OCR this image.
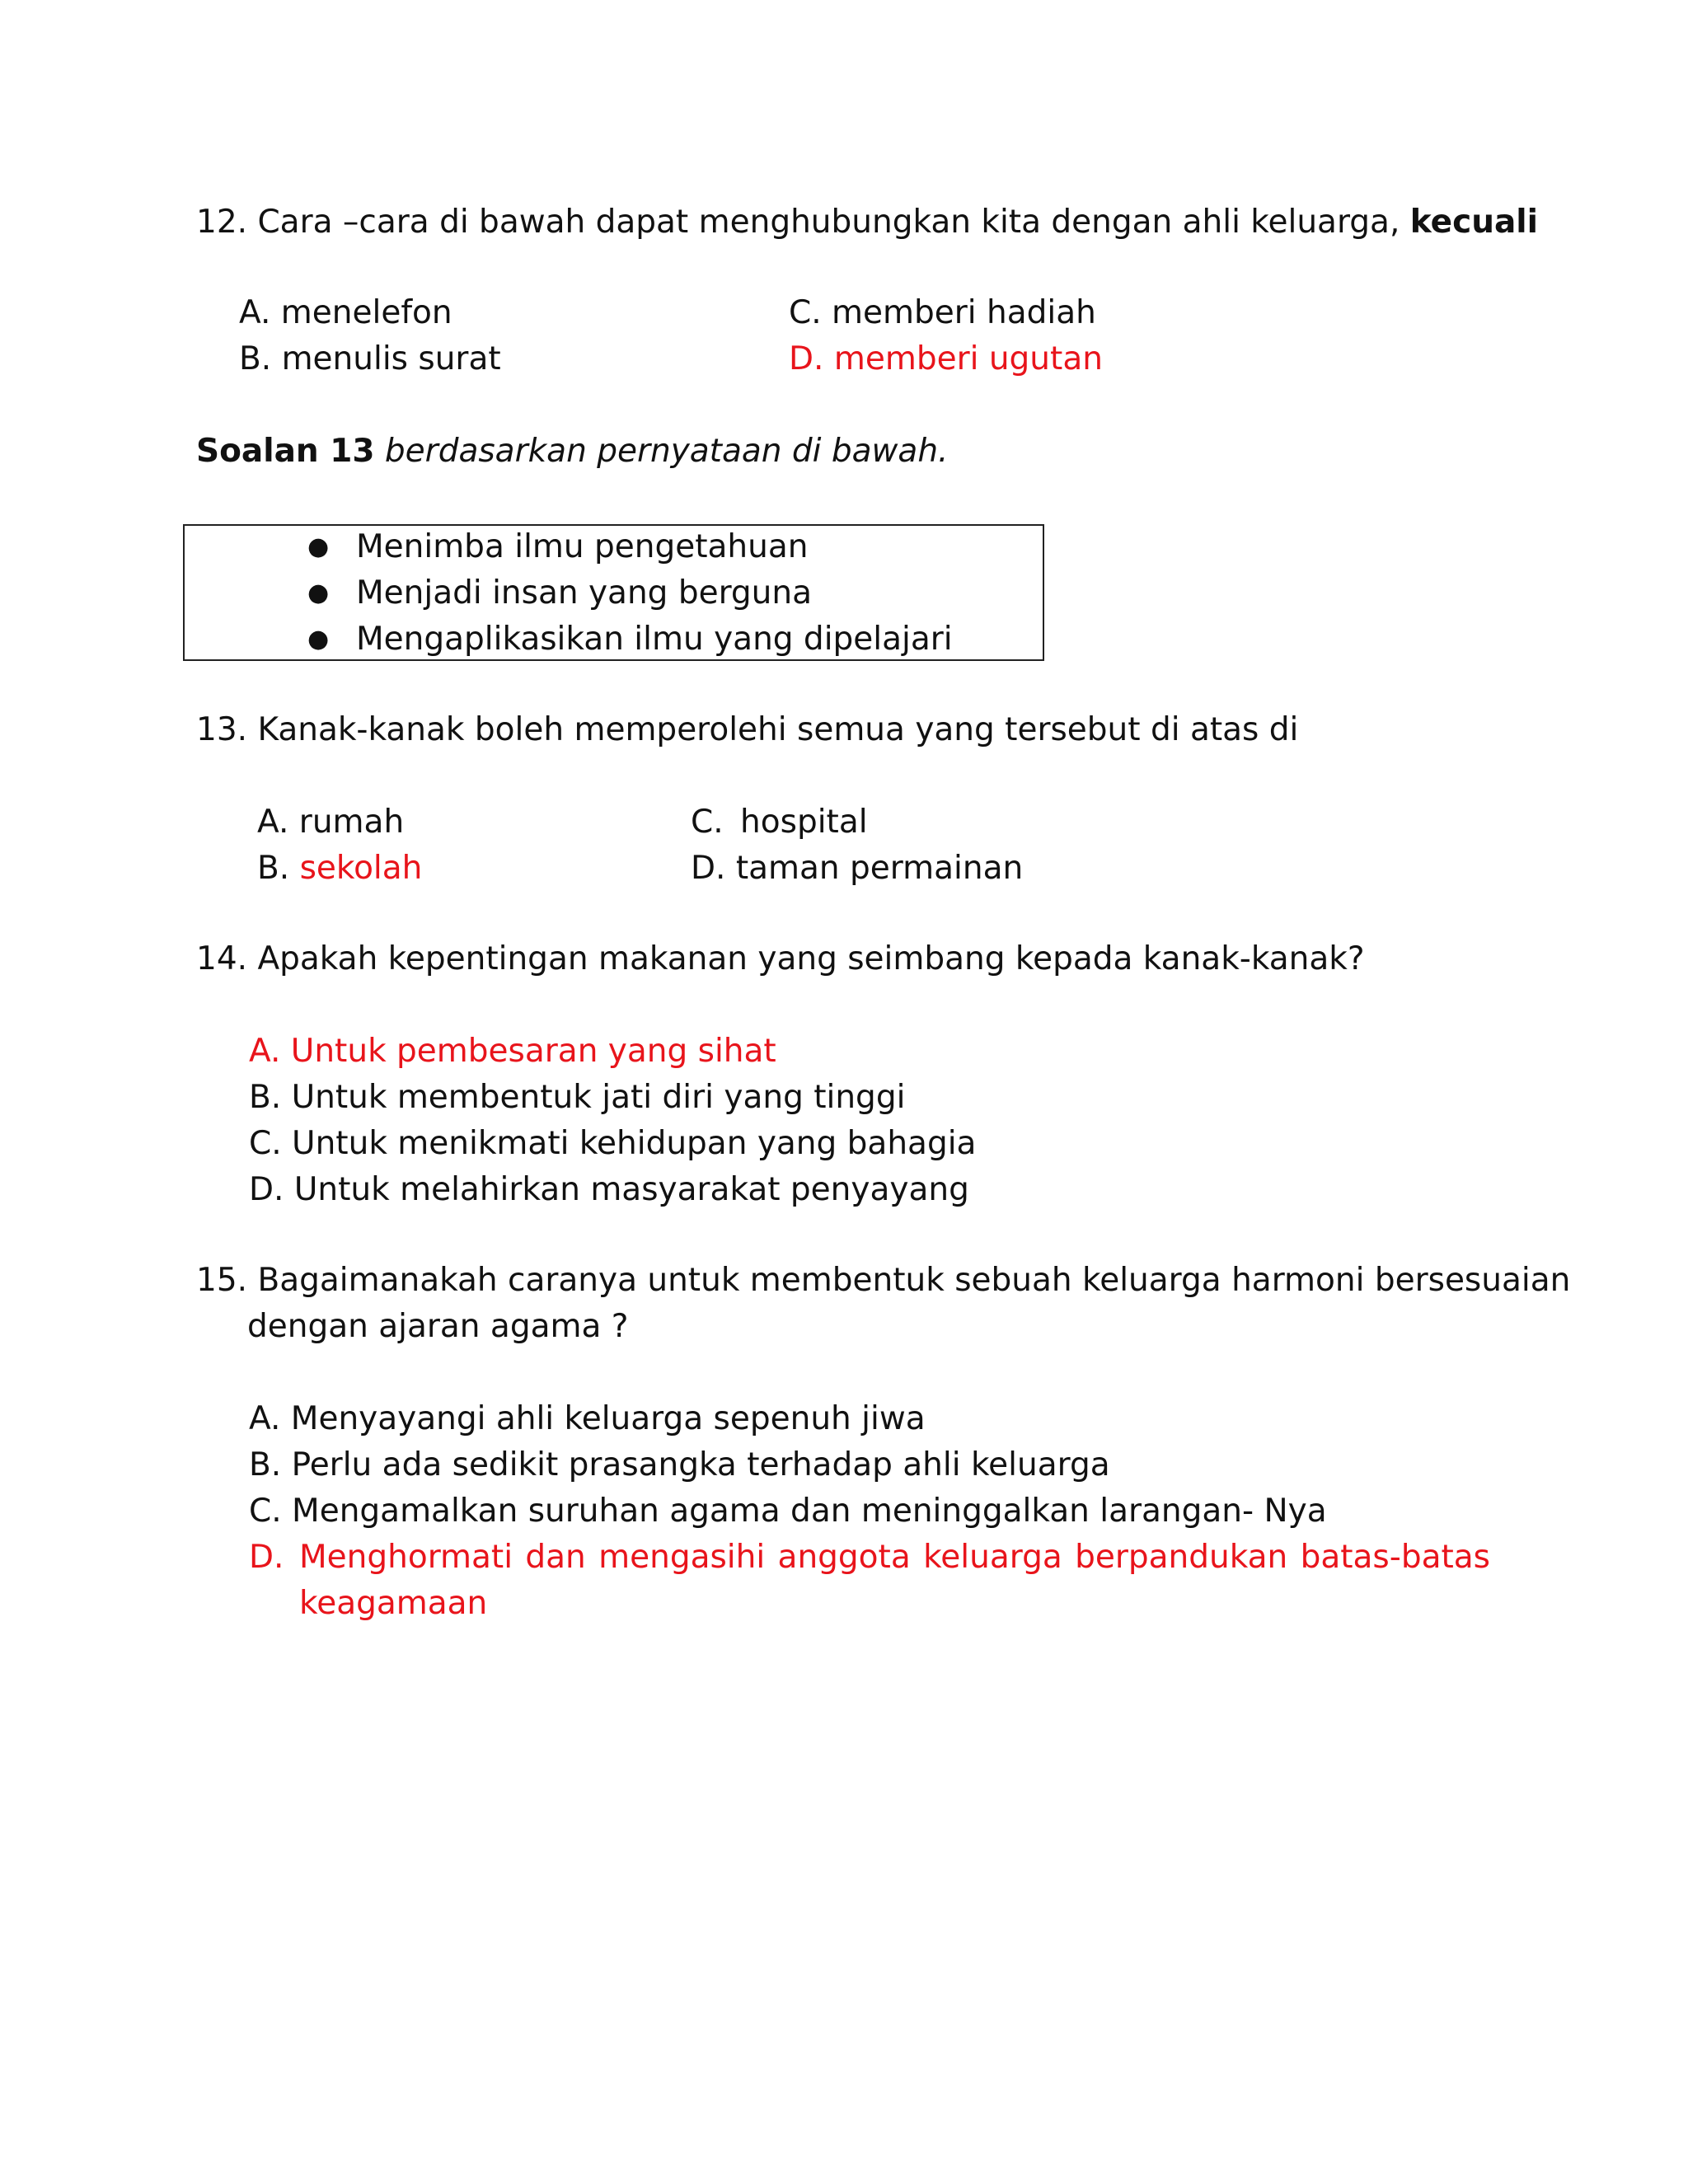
12. Cara –cara di bawah dapat menghubungkan kita dengan ahli keluarga, kecuali
A. menelefon
B. menulis surat
C. memberi hadiah
D. memberi ugutan
Soalan 13 berdasarkan pernyataan di bawah.
● Menimba ilmu pengetahuan
● Menjadi insan yang berguna
● Mengaplikasikan ilmu yang dipelajari
13. Kanak-kanak boleh memperolehi semua yang tersebut di atas di
A. rumah
B. sekolah
C. hospital
D. taman permainan
14. Apakah kepentingan makanan yang seimbang kepada kanak-kanak?
A. Untuk pembesaran yang sihat
B. Untuk membentuk jati diri yang tinggi
C. Untuk menikmati kehidupan yang bahagia
D. Untuk melahirkan masyarakat penyayang
15. Bagaimanakah caranya untuk membentuk sebuah keluarga harmoni bersesuaian
dengan ajaran agama ?
A. Menyayangi ahli keluarga sepenuh jiwa
B. Perlu ada sedikit prasangka terhadap ahli keluarga
C. Mengamalkan suruhan agama dan meninggalkan larangan- Nya
D. Menghormati dan mengasihi anggota keluarga berpandukan batas-batas
keagamaan
